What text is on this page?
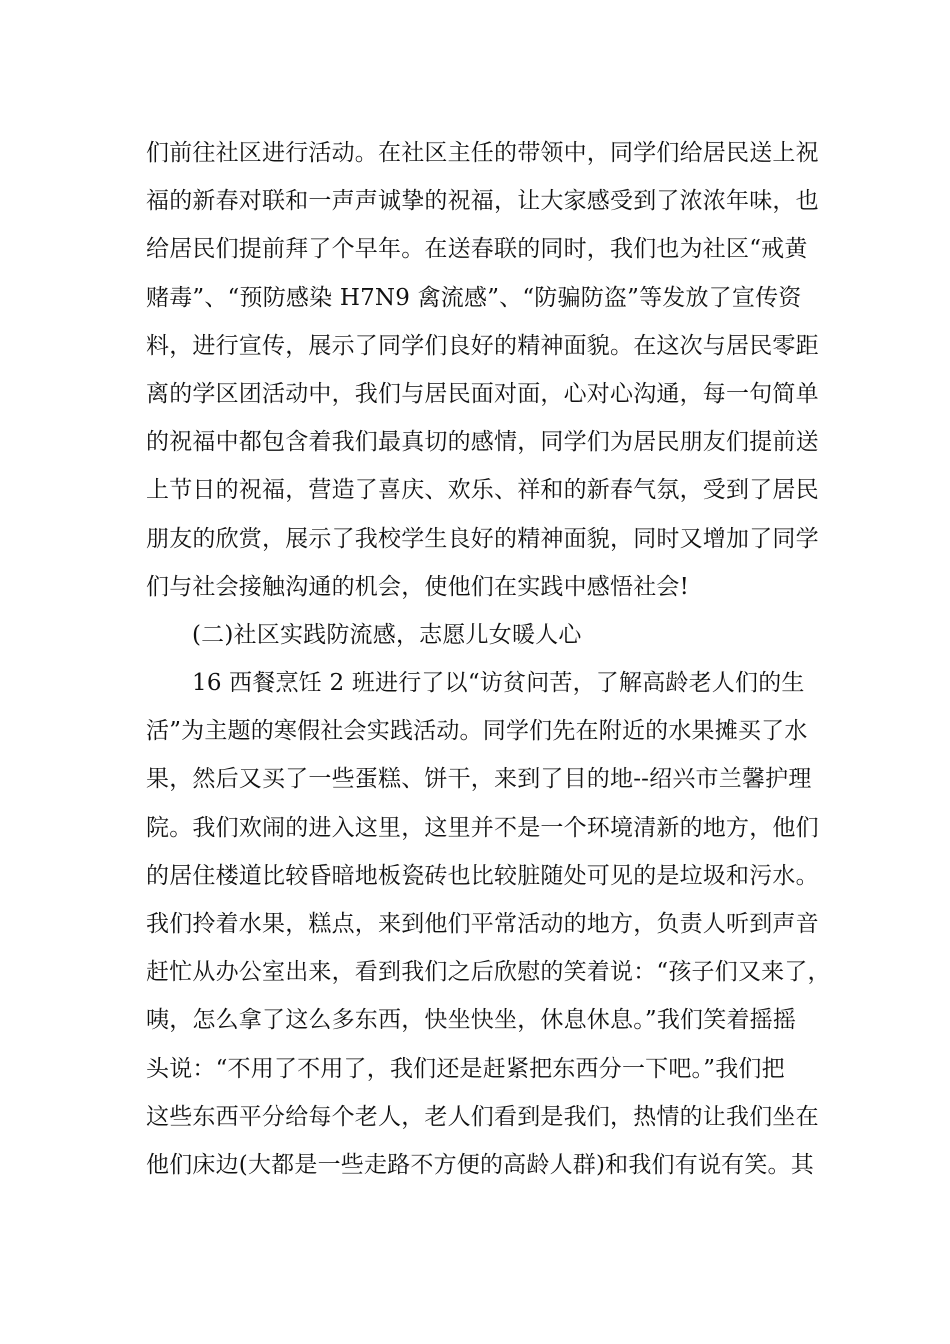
们前往社区进行活动。在社区主任的带领中，同学们给居民送上祝
福的新春对联和一声声诚挚的祝福，让大家感受到了浓浓年味，也
给居民们提前拜了个早年。在送春联的同时，我们也为社区“戒黄
赌毒”、“预防感染 H7N9 禽流感”、“防骗防盗”等发放了宣传资
料，进行宣传，展示了同学们良好的精神面貌。在这次与居民零距
离的学区团活动中，我们与居民面对面，心对心沟通，每一句简单
的祝福中都包含着我们最真切的感情，同学们为居民朋友们提前送
上节日的祝福，营造了喜庆、欢乐、祥和的新春气氛，受到了居民
朋友的欣赏，展示了我校学生良好的精神面貌，同时又增加了同学
们与社会接触沟通的机会，使他们在实践中感悟社会!
(二)社区实践防流感，志愿儿女暖人心
16 西餐烹饪 2 班进行了以“访贫问苦，了解高龄老人们的生
活”为主题的寒假社会实践活动。同学们先在附近的水果摊买了水
果，然后又买了一些蛋糕、饼干，来到了目的地--绍兴市兰馨护理
院。我们欢闹的进入这里，这里并不是一个环境清新的地方，他们
的居住楼道比较昏暗地板瓷砖也比较脏随处可见的是垃圾和污水。
我们拎着水果，糕点，来到他们平常活动的地方，负责人听到声音
赶忙从办公室出来，看到我们之后欣慰的笑着说：“孩子们又来了，
咦，怎么拿了这么多东西，快坐快坐，休息休息。”我们笑着摇摇
头说：“不用了不用了，我们还是赶紧把东西分一下吧。”我们把
这些东西平分给每个老人，老人们看到是我们，热情的让我们坐在
他们床边(大都是一些走路不方便的高龄人群)和我们有说有笑。其
